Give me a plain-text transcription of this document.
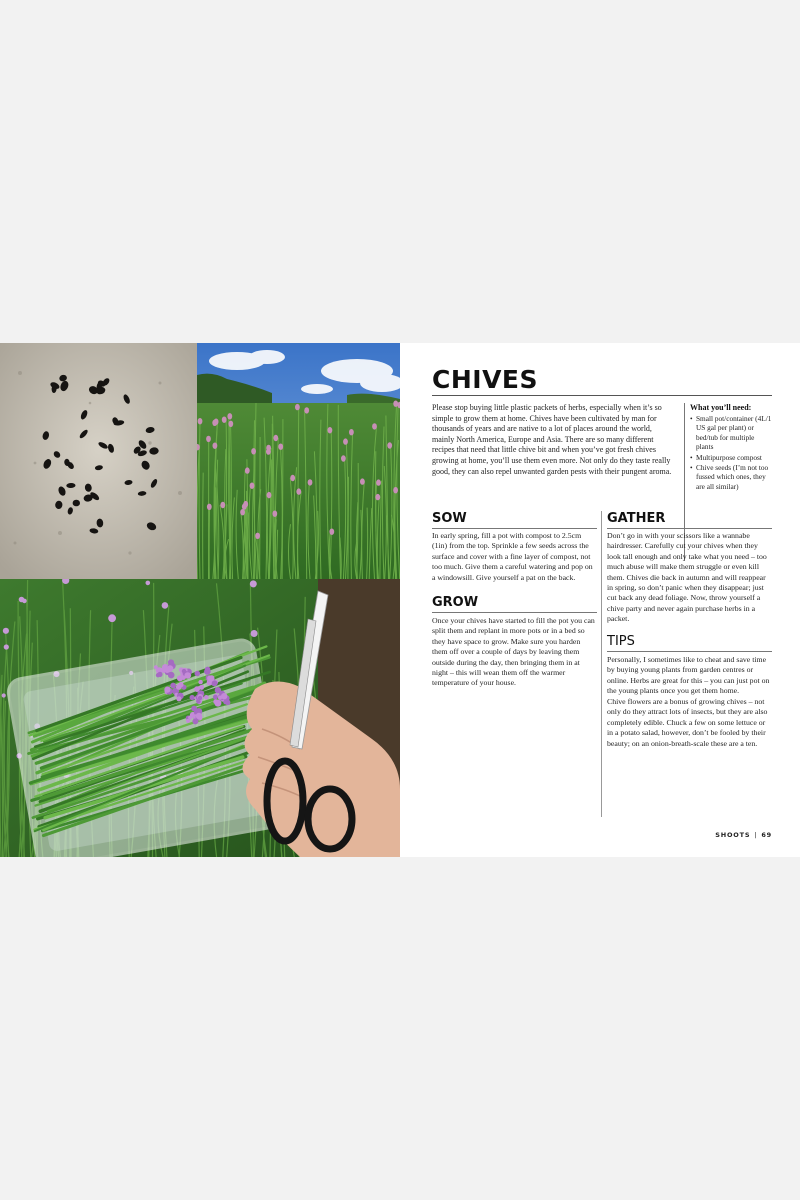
CHIVES

Please stop buying little plastic packets of herbs, especially when it’s so simple to grow them at home. Chives have been cultivated by man for thousands of years and are native to a lot of places around the world, mainly North America, Europe and Asia. There are so many different recipes that need that little chive bit and when you’ve got fresh chives growing at home, you’ll use them even more. Not only do they taste really good, they can also repel unwanted garden pests with their pungent aroma.

What you’ll need:

• Small pot/container (4L/1 US gal per plant) or bed/tub for multiple plants
• Multipurpose compost
• Chive seeds (I’m not too fussed which ones, they are all similar)
SOW

In early spring, fill a pot with compost to 2.5cm (1in) from the top. Sprinkle a few seeds across the surface and cover with a fine layer of compost, not too much. Give them a careful watering and pop on a windowsill. Give yourself a pat on the back.

GROW

Once your chives have started to fill the pot you can split them and replant in more pots or in a bed so they have space to grow. Make sure you harden them off over a couple of days by leaving them outside during the day, then bringing them in at night – this will wean them off the warmer temperature of your house.

GATHER

Don’t go in with your scissors like a wannabe hairdresser. Carefully cut your chives when they look tall enough and only take what you need – too much abuse will make them struggle or even kill them. Chives die back in autumn and will reappear in spring, so don’t panic when they disappear; just cut back any dead foliage. Now, throw yourself a chive party and never again purchase herbs in a packet.

TIPS

Personally, I sometimes like to cheat and save time by buying young plants from garden centres or online. Herbs are great for this – you can just pot on the young plants once you get them home.

Chive flowers are a bonus of growing chives – not only do they attract lots of insects, but they are also completely edible. Chuck a few on some lettuce or in a potato salad, however, don’t be fooled by their beauty; on an onion-breath-scale these are a ten.

SHOOTS | 69
